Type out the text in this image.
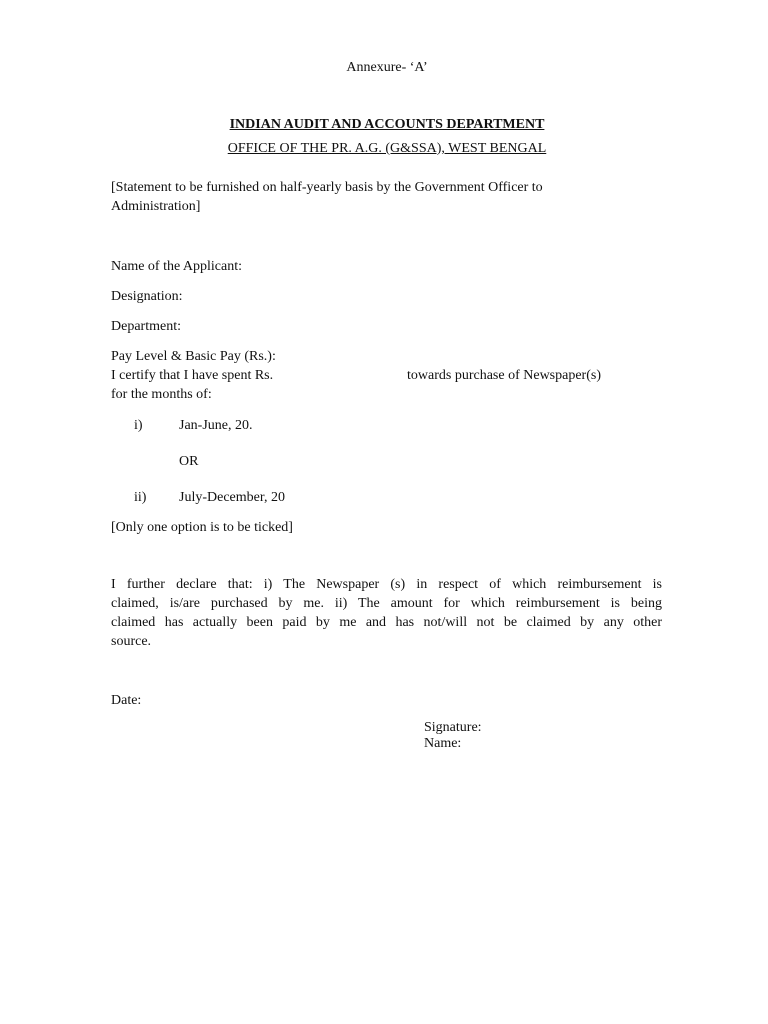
Annexure- ‘A’
INDIAN AUDIT AND ACCOUNTS DEPARTMENT
OFFICE OF THE PR. A.G. (G&SSA), WEST BENGAL
[Statement to be furnished on half-yearly basis by the Government Officer to
Administration]
Name of the Applicant:
Designation:
Department:
Pay Level & Basic Pay (Rs.):
I certify that I have spent Rs.	towards purchase of Newspaper(s)
for the months of:
i)	Jan-June, 20.
OR
ii) July-December, 20
[Only one option is to be ticked]
I further declare that: i) The Newspaper (s) in respect of which reimbursement is
claimed, is/are purchased by me. ii) The amount for which reimbursement is being
claimed has actually been paid by me and has not/will not be claimed by any other
source.
Date:
Signature:
Name:
